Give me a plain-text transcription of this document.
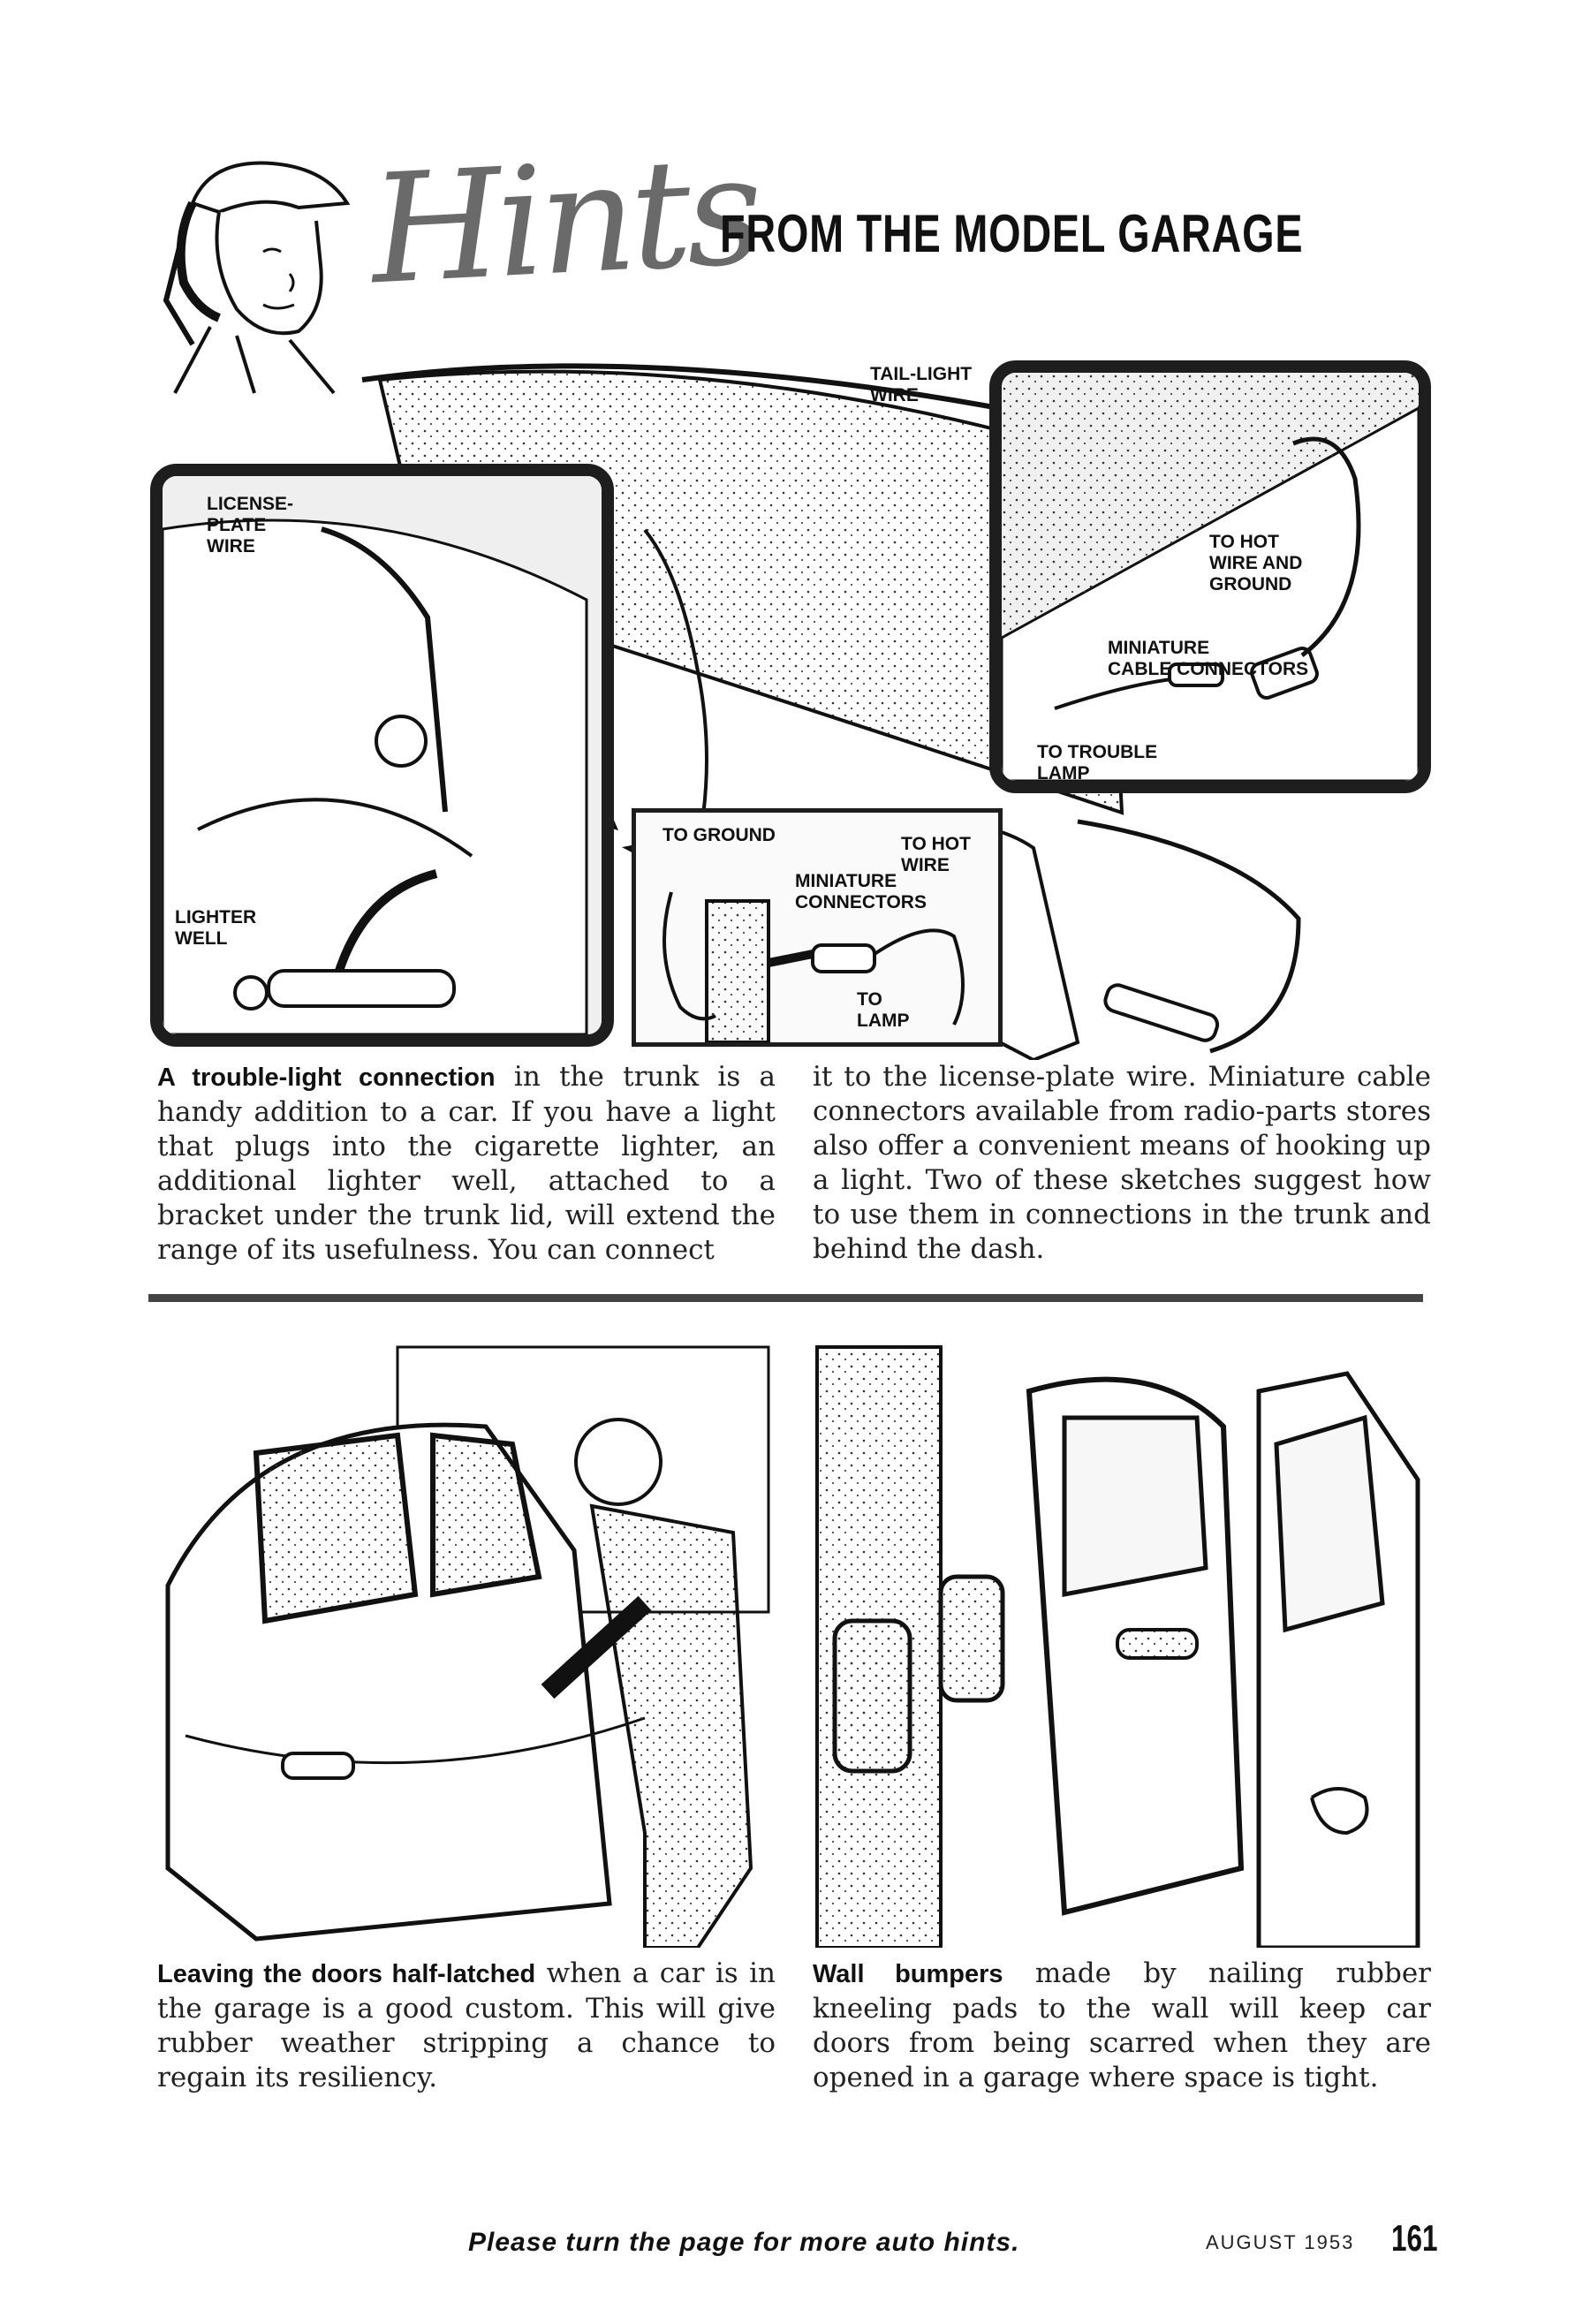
Hints
FROM THE MODEL GARAGE
LICENSE-
PLATE
WIRE
LIGHTER
WELL
TAIL-LIGHT
WIRE
TO HOT
WIRE AND
GROUND
MINIATURE
CABLE CONNECTORS
TO TROUBLE
LAMP
TO GROUND	TO HOT
WIRE
MINIATURE
CONNECTORS
TO
LAMP
A trouble-light connection in the trunk is a handy addition to a car. If you have a light that plugs into the cigarette lighter, an additional lighter well, attached to a bracket under the trunk lid, will extend the range of its usefulness. You can connect
it to the license-plate wire. Miniature cable connectors available from radio-parts stores also offer a convenient means of hooking up a light. Two of these sketches suggest how to use them in connections in the trunk and behind the dash.
Leaving the doors half-latched when a car is in the garage is a good custom. This will give rubber weather stripping a chance to regain its resiliency.
Wall bumpers made by nailing rubber kneeling pads to the wall will keep car doors from being scarred when they are opened in a garage where space is tight.
Please turn the page for more auto hints.	AUGUST 1953 161
